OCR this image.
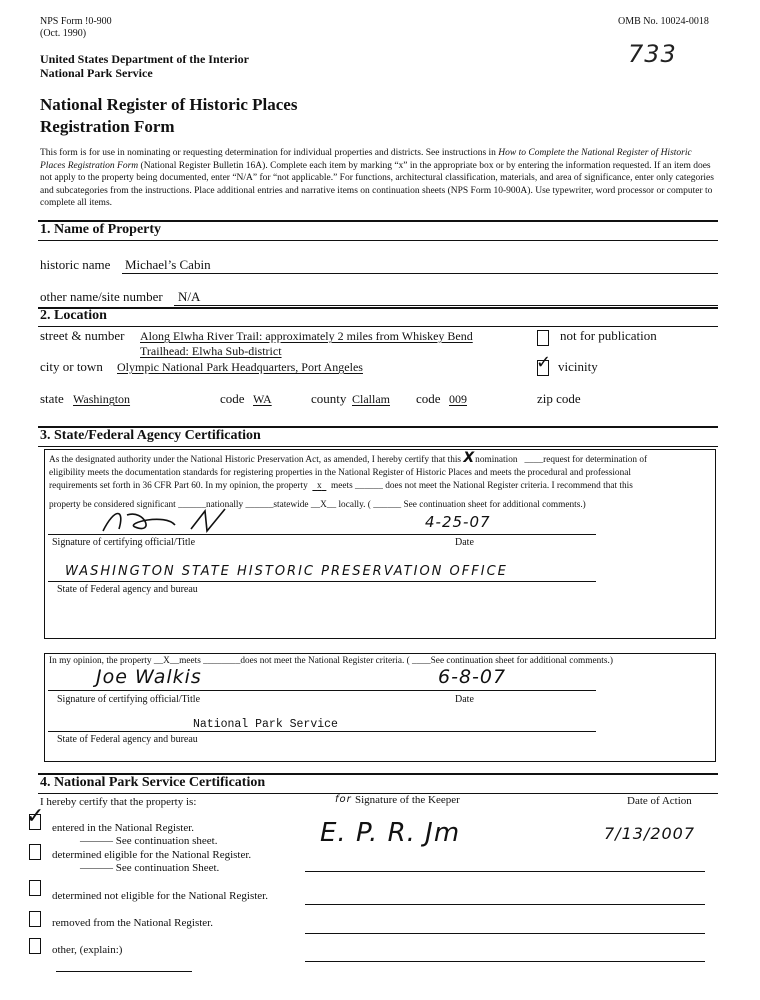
NPS Form !0-900
(Oct. 1990)
OMB No. 10024-0018
733
United States Department of the Interior
National Park Service
National Register of Historic Places
Registration Form
This form is for use in nominating or requesting determination for individual properties and districts. See instructions in How to Complete the National Register of Historic Places Registration Form (National Register Bulletin 16A). Complete each item by marking “x” in the appropriate box or by entering the information requested. If an item does not apply to the property being documented, enter “N/A” for “not applicable.” For functions, architectural classification, materials, and area of significance, enter only categories and subcategories from the instructions. Place additional entries and narrative items on continuation sheets (NPS Form 10-900A). Use typewriter, word processor or computer to complete all items.
1. Name of Property
historic name Michael’s Cabin
other name/site number N/A
2. Location
street & number Along Elwha River Trail: approximately 2 miles from Whiskey Bend
Trailhead: Elwha Sub-district
not for publication
city or town Olympic National Park Headquarters, Port Angeles	✓ vicinity
state Washington	code WA	county Clallam code 009	zip code
3. State/Federal Agency Certification
As the designated authority under the National Historic Preservation Act, as amended, I hereby certify that this Xnomination   ____request for determination of
eligibility meets the documentation standards for registering properties in the National Register of Historic Places and meets the procedural and professional
requirements set forth in 36 CFR Part 60. In my opinion, the property x meets ______ does not meet the National Register criteria. I recommend that this
property be considered significant ______nationally ______statewide __X__ locally. ( ______ See continuation sheet for additional comments.)
4-25-07
Signature of certifying official/Title	Date
WASHINGTON STATE HISTORIC PRESERVATION OFFICE
State of Federal agency and bureau
In my opinion, the property __X__meets ________does not meet the National Register criteria. ( ____See continuation sheet for additional comments.)
Joe Walkis	6-8-07
Signature of certifying official/Title	Date
National Park Service
State of Federal agency and bureau
4. National Park Service Certification
I hereby certify that the property is:	for Signature of the Keeper	Date of Action
E. P. R. Jm	7/13/2007
✓ entered in the National Register.
——— See continuation sheet.
determined eligible for the National Register.
——— See continuation Sheet.
determined not eligible for the National Register.
removed from the National Register.
other, (explain:)
